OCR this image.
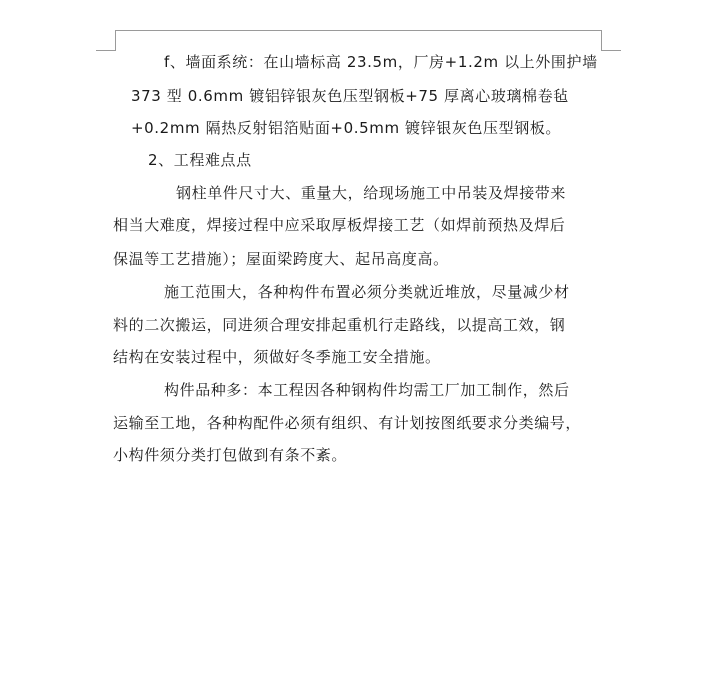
f、墙面系统：在山墙标高 23.5m，厂房+1.2m 以上外围护墙
373 型 0.6mm 镀铝锌银灰色压型钢板+75 厚离心玻璃棉卷毡
+0.2mm 隔热反射铝箔贴面+0.5mm 镀锌银灰色压型钢板。
2、工程难点点
钢柱单件尺寸大、重量大，给现场施工中吊装及焊接带来
相当大难度，焊接过程中应采取厚板焊接工艺（如焊前预热及焊后
保温等工艺措施）；屋面梁跨度大、起吊高度高。
施工范围大，各种构件布置必须分类就近堆放，尽量减少材
料的二次搬运，同进须合理安排起重机行走路线，以提高工效，钢
结构在安装过程中，须做好冬季施工安全措施。
构件品种多：本工程因各种钢构件均需工厂加工制作，然后
运输至工地，各种构配件必须有组织、有计划按图纸要求分类编号，
小构件须分类打包做到有条不紊。
